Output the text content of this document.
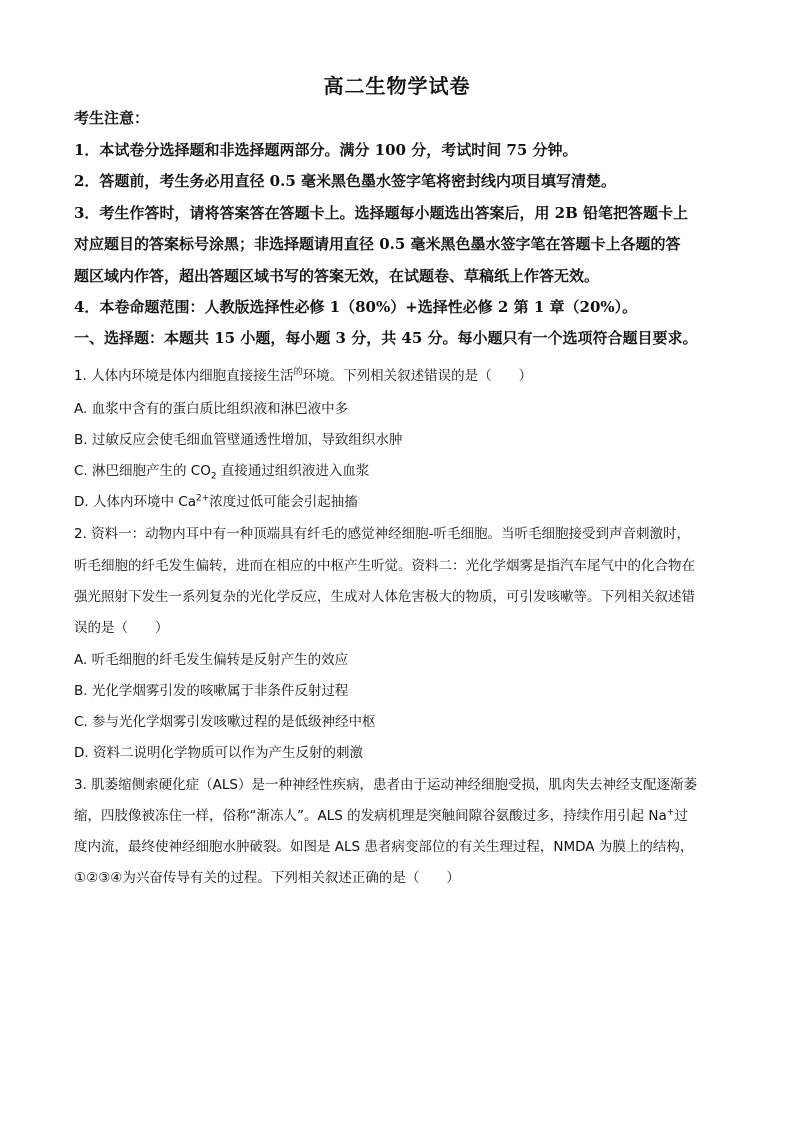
高二生物学试卷
考生注意：
1．本试卷分选择题和非选择题两部分。满分 100 分，考试时间 75 分钟。
2．答题前，考生务必用直径 0.5 毫米黑色墨水签字笔将密封线内项目填写清楚。
3．考生作答时，请将答案答在答题卡上。选择题每小题选出答案后，用 2B 铅笔把答题卡上
对应题目的答案标号涂黑；非选择题请用直径 0.5 毫米黑色墨水签字笔在答题卡上各题的答
题区域内作答，超出答题区域书写的答案无效，在试题卷、草稿纸上作答无效。
4．本卷命题范围：人教版选择性必修 1（80%）+选择性必修 2 第 1 章（20%）。
一、选择题：本题共 15 小题，每小题 3 分，共 45 分。每小题只有一个选项符合题目要求。
1. 人体内环境是体内细胞直接接生活$^的$环境。下列相关叙述错误的是（　　）
A. 血浆中含有的蛋白质比组织液和淋巴液中多
B. 过敏反应会使毛细血管壁通透性增加，导致组织水肿
C. 淋巴细胞产生的 $CO_2$ 直接通过组织液进入血浆
D. 人体内环境中 $Ca^{2+}$浓度过低可能会引起抽搐
2. 资料一：动物内耳中有一种顶端具有纤毛的感觉神经细胞-听毛细胞。当听毛细胞接受到声音刺激时，
听毛细胞的纤毛发生偏转，进而在相应的中枢产生听觉。资料二：光化学烟雾是指汽车尾气中的化合物在
强光照射下发生一系列复杂的光化学反应，生成对人体危害极大的物质，可引发咳嗽等。下列相关叙述错
误的是（　　）
A. 听毛细胞的纤毛发生偏转是反射产生的效应
B. 光化学烟雾引发的咳嗽属于非条件反射过程
C. 参与光化学烟雾引发咳嗽过程的是低级神经中枢
D. 资料二说明化学物质可以作为产生反射的刺激
3. 肌萎缩侧索硬化症（ALS）是一种神经性疾病，患者由于运动神经细胞受损，肌肉失去神经支配逐渐萎
缩，四肢像被冻住一样，俗称“渐冻人”。ALS 的发病机理是突触间隙谷氨酸过多，持续作用引起 Na+过
度内流，最终使神经细胞水肿破裂。如图是 ALS 患者病变部位的有关生理过程，NMDA 为膜上的结构，
①②③④为兴奋传导有关的过程。下列相关叙述正确的是（　　）
